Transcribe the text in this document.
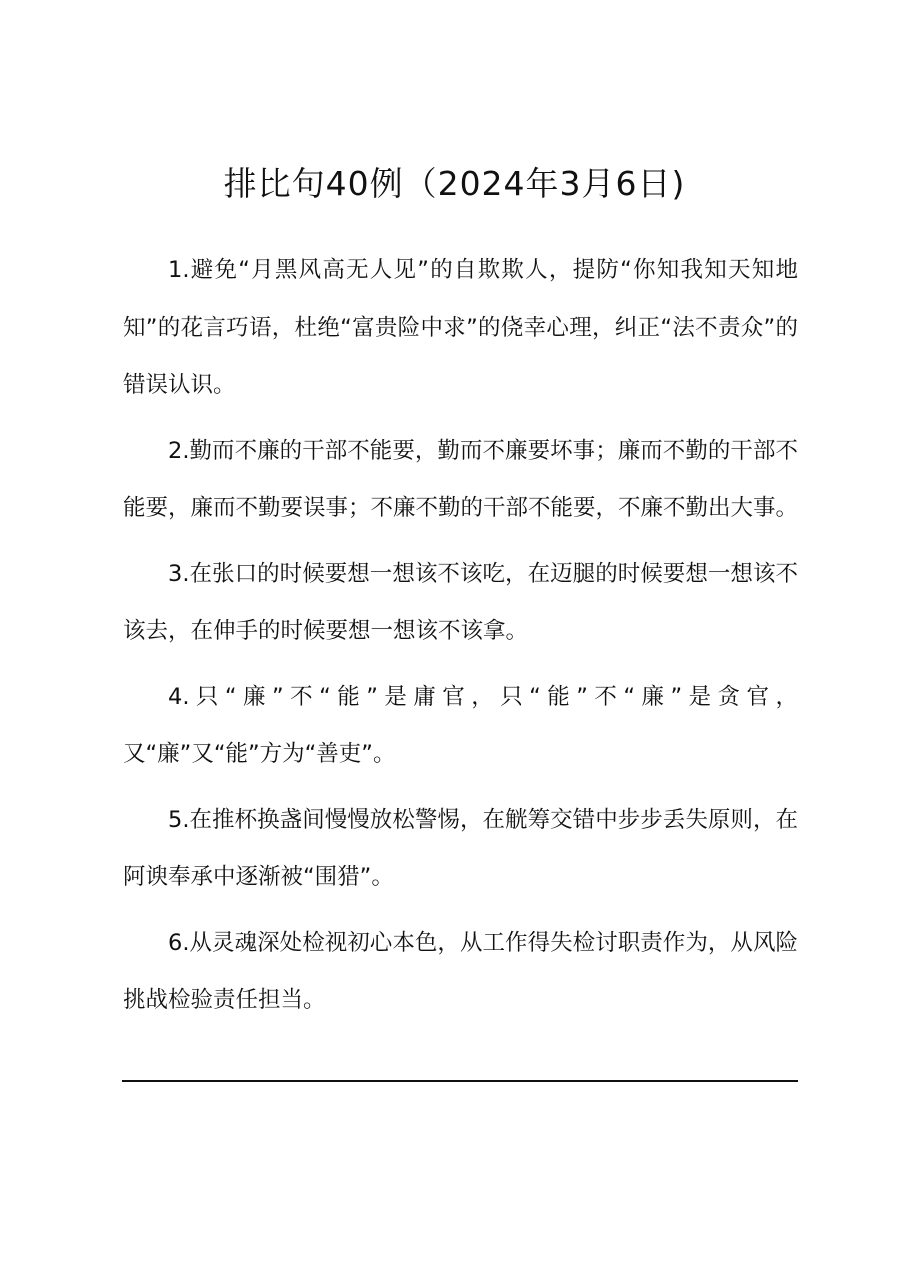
排比句40例（2024年3月6日)

1.避免“月黑风高无人见”的自欺欺人，提防“你知我知天知地知”的花言巧语，杜绝“富贵险中求”的侥幸心理，纠正“法不责众”的错误认识。

2.勤而不廉的干部不能要，勤而不廉要坏事；廉而不勤的干部不能要，廉而不勤要误事；不廉不勤的干部不能要，不廉不勤出大事。

3.在张口的时候要想一想该不该吃，在迈腿的时候要想一想该不该去，在伸手的时候要想一想该不该拿。

4.只“廉”不“能”是庸官，只“能”不“廉”是贪官，又“廉”又“能”方为“善吏”。

5.在推杯换盏间慢慢放松警惕，在觥筹交错中步步丢失原则，在阿谀奉承中逐渐被“围猎”。

6.从灵魂深处检视初心本色，从工作得失检讨职责作为，从风险挑战检验责任担当。
